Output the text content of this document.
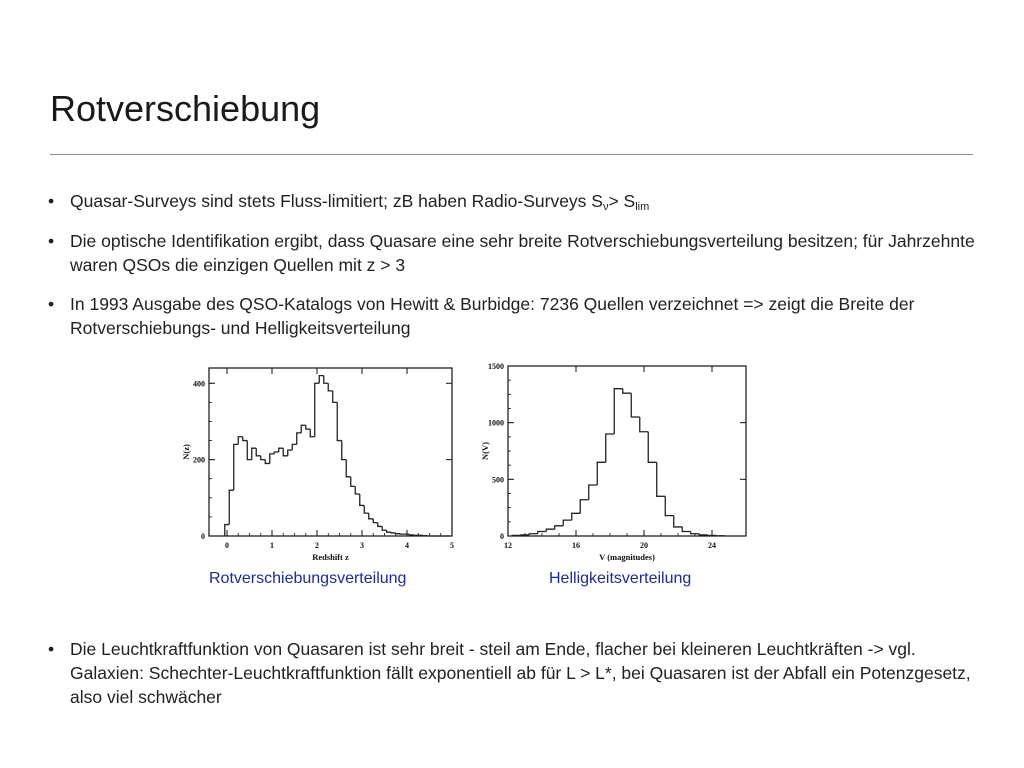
Rotverschiebung
• Quasar-Surveys sind stets Fluss-limitiert; zB haben Radio-Surveys $S_\nu> S_{lim}$
• Die optische Identifikation ergibt, dass Quasare eine sehr breite Rotverschiebungsverteilung besitzen; für Jahrzehnte waren QSOs die einzigen Quellen mit z > 3
• In 1993 Ausgabe des QSO-Katalogs von Hewitt & Burbidge: 7236 Quellen verzeichnet => zeigt die Breite der Rotverschiebungs- und Helligkeitsverteilung
0	1	2	3	4	5
0
200
400
Redshift z
N(z)
12	16	20	24
0
500
1000
1500
V (magnitudes)
N(V)
Rotverschiebungsverteilung	Helligkeitsverteilung
• Die Leuchtkraftfunktion von Quasaren ist sehr breit - steil am Ende, flacher bei kleineren Leuchtkräften -> vgl. Galaxien: Schechter-Leuchtkraftfunktion fällt exponentiell ab für L > L*, bei Quasaren ist der Abfall ein Potenzgesetz, also viel schwächer
